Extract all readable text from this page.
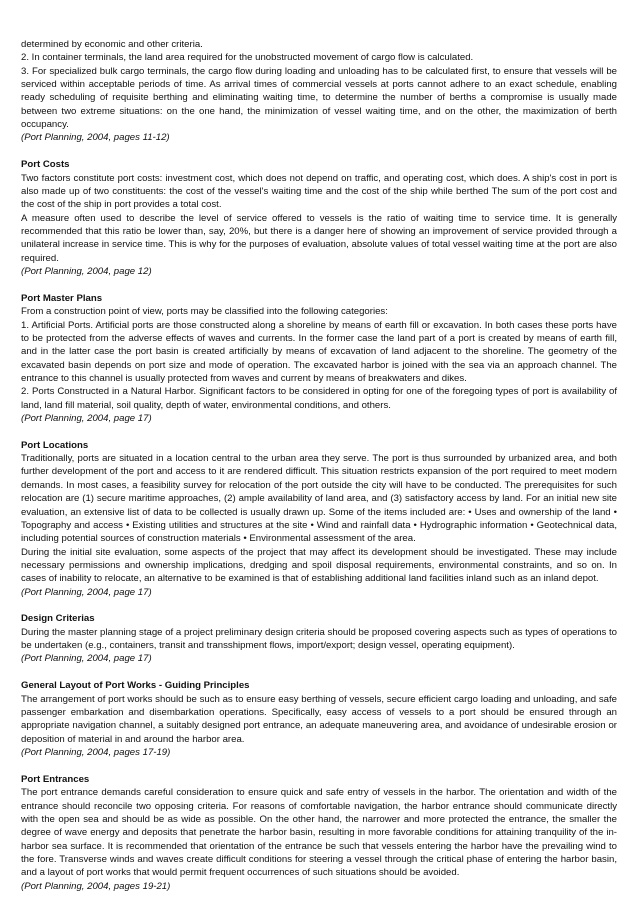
determined by economic and other criteria.

2. In container terminals, the land area required for the unobstructed movement of cargo flow is calculated.

3. For specialized bulk cargo terminals, the cargo flow during loading and unloading has to be calculated first, to ensure that vessels will be serviced within acceptable periods of time. As arrival times of commercial vessels at ports cannot adhere to an exact schedule, enabling ready scheduling of requisite berthing and eliminating waiting time, to determine the number of berths a compromise is usually made between two extreme situations: on the one hand, the minimization of vessel waiting time, and on the other, the maximization of berth occupancy.

(Port Planning, 2004, pages 11-12)

Port Costs

Two factors constitute port costs: investment cost, which does not depend on traffic, and operating cost, which does. A ship's cost in port is also made up of two constituents: the cost of the vessel's waiting time and the cost of the ship while berthed The sum of the port cost and the cost of the ship in port provides a total cost.

A measure often used to describe the level of service offered to vessels is the ratio of waiting time to service time. It is generally recommended that this ratio be lower than, say, 20%, but there is a danger here of showing an improvement of service provided through a unilateral increase in service time. This is why for the purposes of evaluation, absolute values of total vessel waiting time at the port are also required.

(Port Planning, 2004, page 12)

Port Master Plans

From a construction point of view, ports may be classified into the following categories:

1. Artificial Ports. Artificial ports are those constructed along a shoreline by means of earth fill or excavation. In both cases these ports have to be protected from the adverse effects of waves and currents. In the former case the land part of a port is created by means of earth fill, and in the latter case the port basin is created artificially by means of excavation of land adjacent to the shoreline. The geometry of the excavated basin depends on port size and mode of operation. The excavated harbor is joined with the sea via an approach channel. The entrance to this channel is usually protected from waves and current by means of breakwaters and dikes.

2. Ports Constructed in a Natural Harbor. Significant factors to be considered in opting for one of the foregoing types of port is availability of land, land fill material, soil quality, depth of water, environmental conditions, and others.

(Port Planning, 2004, page 17)

Port Locations

Traditionally, ports are situated in a location central to the urban area they serve. The port is thus surrounded by urbanized area, and both further development of the port and access to it are rendered difficult. This situation restricts expansion of the port required to meet modern demands. In most cases, a feasibility survey for relocation of the port outside the city will have to be conducted. The prerequisites for such relocation are (1) secure maritime approaches, (2) ample availability of land area, and (3) satisfactory access by land. For an initial new site evaluation, an extensive list of data to be collected is usually drawn up. Some of the items included are: • Uses and ownership of the land • Topography and access • Existing utilities and structures at the site • Wind and rainfall data • Hydrographic information • Geotechnical data, including potential sources of construction materials • Environmental assessment of the area.

During the initial site evaluation, some aspects of the project that may affect its development should be investigated. These may include necessary permissions and ownership implications, dredging and spoil disposal requirements, environmental constraints, and so on. In cases of inability to relocate, an alternative to be examined is that of establishing additional land facilities inland such as an inland depot.

(Port Planning, 2004, page 17)

Design Criterias

During the master planning stage of a project preliminary design criteria should be proposed covering aspects such as types of operations to be undertaken (e.g., containers, transit and transshipment flows, import/export; design vessel, operating equipment).

(Port Planning, 2004, page 17)

General Layout of Port Works - Guiding Principles

The arrangement of port works should be such as to ensure easy berthing of vessels, secure efficient cargo loading and unloading, and safe passenger embarkation and disembarkation operations. Specifically, easy access of vessels to a port should be ensured through an appropriate navigation channel, a suitably designed port entrance, an adequate maneuvering area, and avoidance of undesirable erosion or deposition of material in and around the harbor area.

(Port Planning, 2004, pages 17-19)

Port Entrances

The port entrance demands careful consideration to ensure quick and safe entry of vessels in the harbor. The orientation and width of the entrance should reconcile two opposing criteria. For reasons of comfortable navigation, the harbor entrance should communicate directly with the open sea and should be as wide as possible. On the other hand, the narrower and more protected the entrance, the smaller the degree of wave energy and deposits that penetrate the harbor basin, resulting in more favorable conditions for attaining tranquility of the in-harbor sea surface. It is recommended that orientation of the entrance be such that vessels entering the harbor have the prevailing wind to the fore. Transverse winds and waves create difficult conditions for steering a vessel through the critical phase of entering the harbor basin, and a layout of port works that would permit frequent occurrences of such situations should be avoided.

(Port Planning, 2004, pages 19-21)
